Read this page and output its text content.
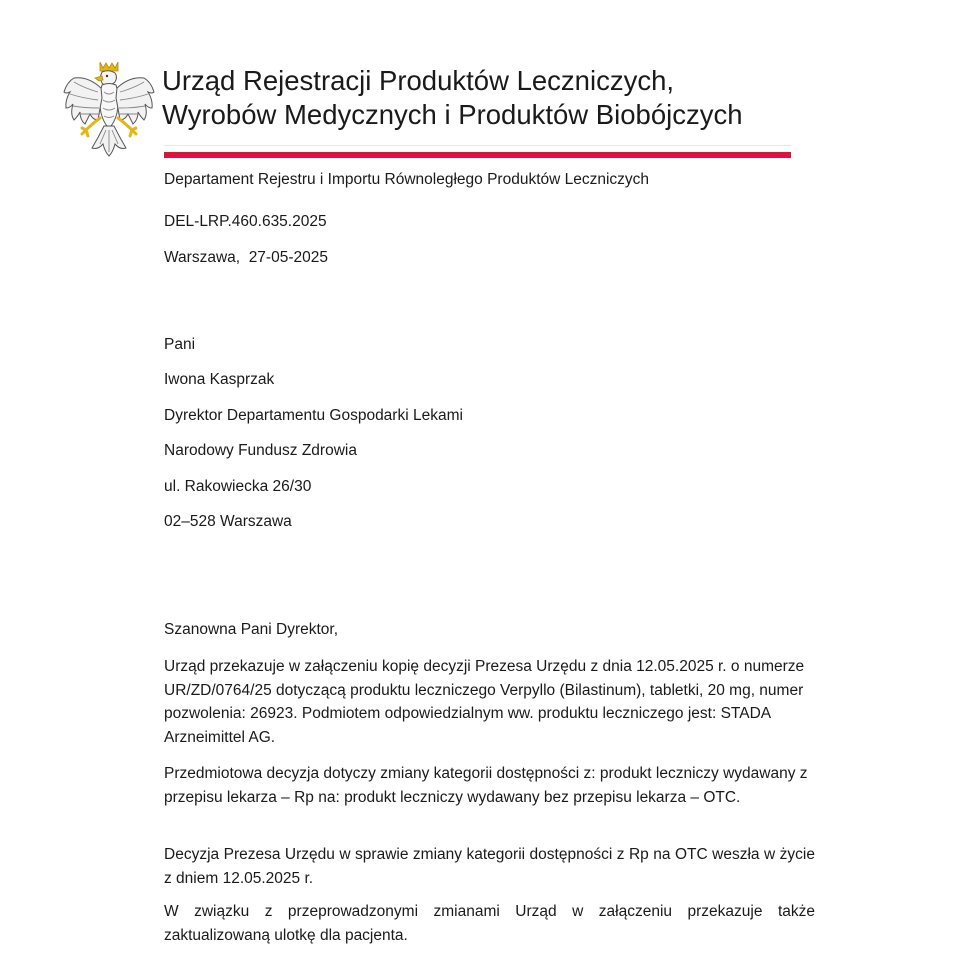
Urząd Rejestracji Produktów Leczniczych,
Wyrobów Medycznych i Produktów Biobójczych
Departament Rejestru i Importu Równoległego Produktów Leczniczych
DEL-LRP.460.635.2025
Warszawa,  27-05-2025
Pani
Iwona Kasprzak
Dyrektor Departamentu Gospodarki Lekami
Narodowy Fundusz Zdrowia
ul. Rakowiecka 26/30
02–528 Warszawa
Szanowna Pani Dyrektor,
Urząd przekazuje w załączeniu kopię decyzji Prezesa Urzędu z dnia 12.05.2025 r. o numerze UR/ZD/0764/25 dotyczącą produktu leczniczego Verpyllo (Bilastinum), tabletki, 20 mg, numer pozwolenia: 26923. Podmiotem odpowiedzialnym ww. produktu leczniczego jest: STADA Arzneimittel AG.
Przedmiotowa decyzja dotyczy zmiany kategorii dostępności z: produkt leczniczy wydawany z przepisu lekarza – Rp na: produkt leczniczy wydawany bez przepisu lekarza – OTC.
Decyzja Prezesa Urzędu w sprawie zmiany kategorii dostępności z Rp na OTC weszła w życie z dniem 12.05.2025 r.
W związku z przeprowadzonymi zmianami Urząd w załączeniu przekazuje także zaktualizowaną ulotkę dla pacjenta.
